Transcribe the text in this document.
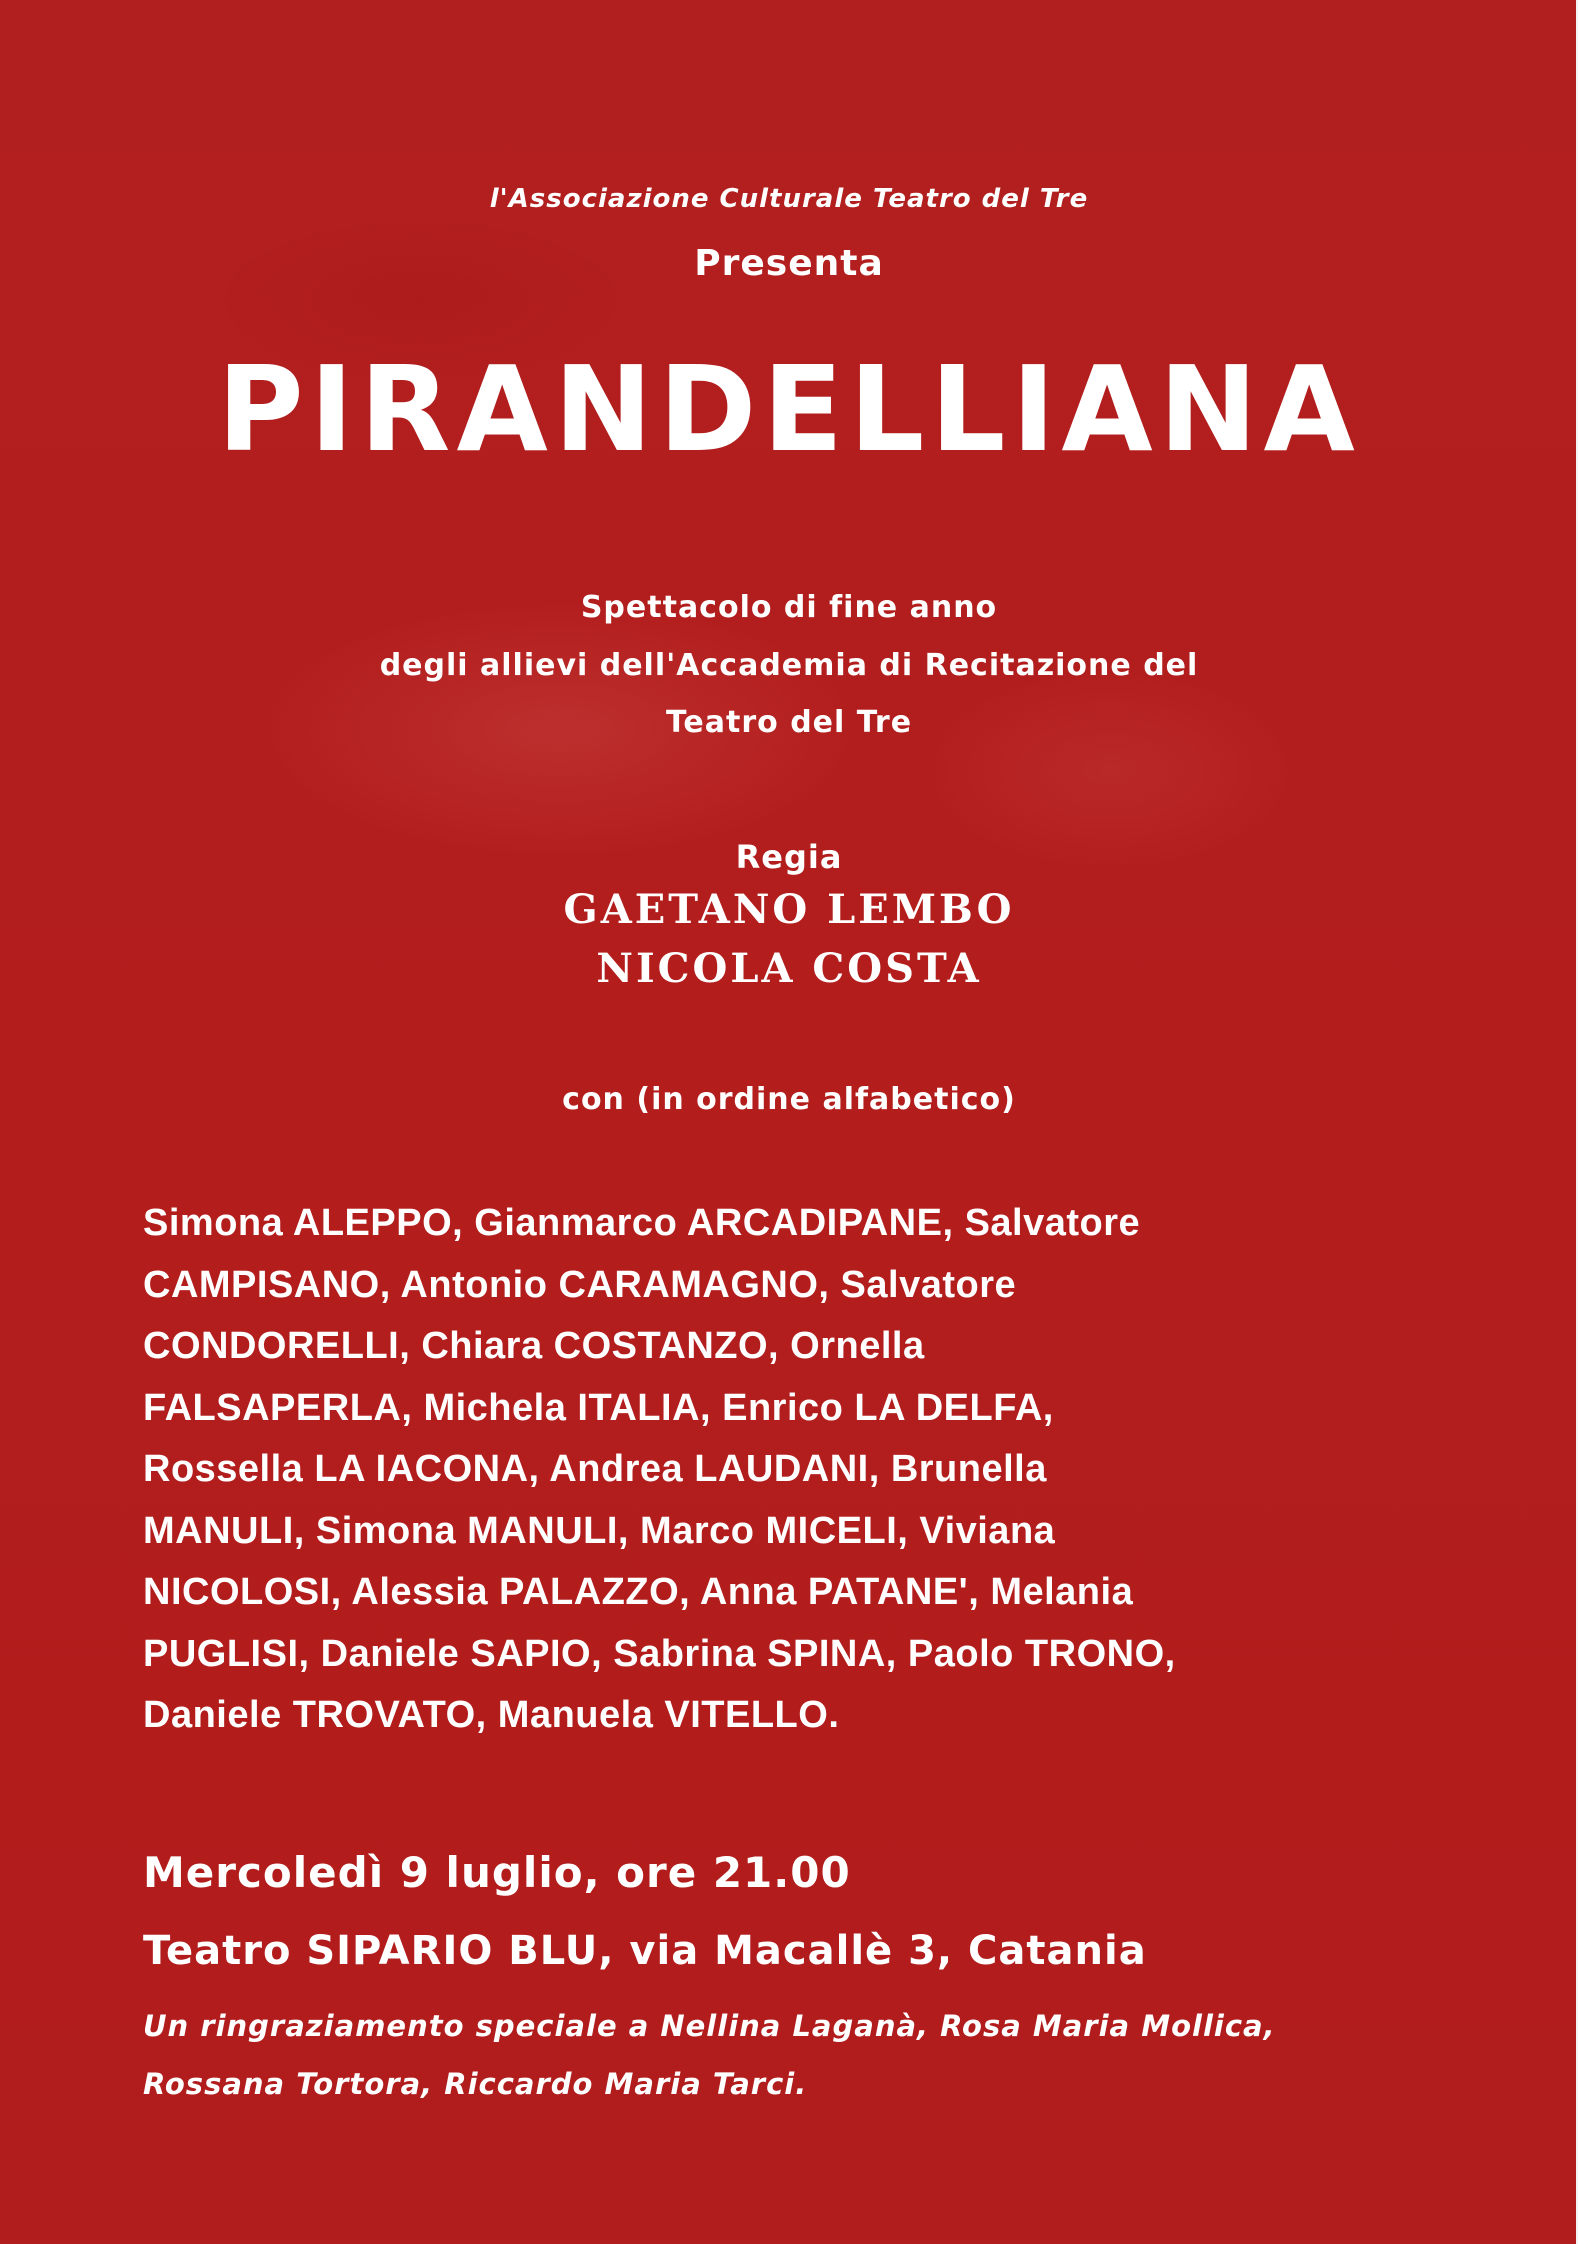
l'Associazione Culturale Teatro del Tre
Presenta
PIRANDELLIANA
Spettacolo di fine anno
degli allievi dell'Accademia di Recitazione del
Teatro del Tre
Regia
GAETANO LEMBO
NICOLA COSTA
con (in ordine alfabetico)
Simona ALEPPO, Gianmarco ARCADIPANE, Salvatore
CAMPISANO, Antonio CARAMAGNO, Salvatore
CONDORELLI, Chiara COSTANZO, Ornella
FALSAPERLA, Michela ITALIA, Enrico LA DELFA,
Rossella LA IACONA, Andrea LAUDANI, Brunella
MANULI, Simona MANULI, Marco MICELI, Viviana
NICOLOSI, Alessia PALAZZO, Anna PATANE', Melania
PUGLISI, Daniele SAPIO, Sabrina SPINA, Paolo TRONO,
Daniele TROVATO, Manuela VITELLO.
Mercoledì 9 luglio, ore 21.00
Teatro SIPARIO BLU, via Macallè 3, Catania
Un ringraziamento speciale a Nellina Laganà, Rosa Maria Mollica,
Rossana Tortora, Riccardo Maria Tarci.
